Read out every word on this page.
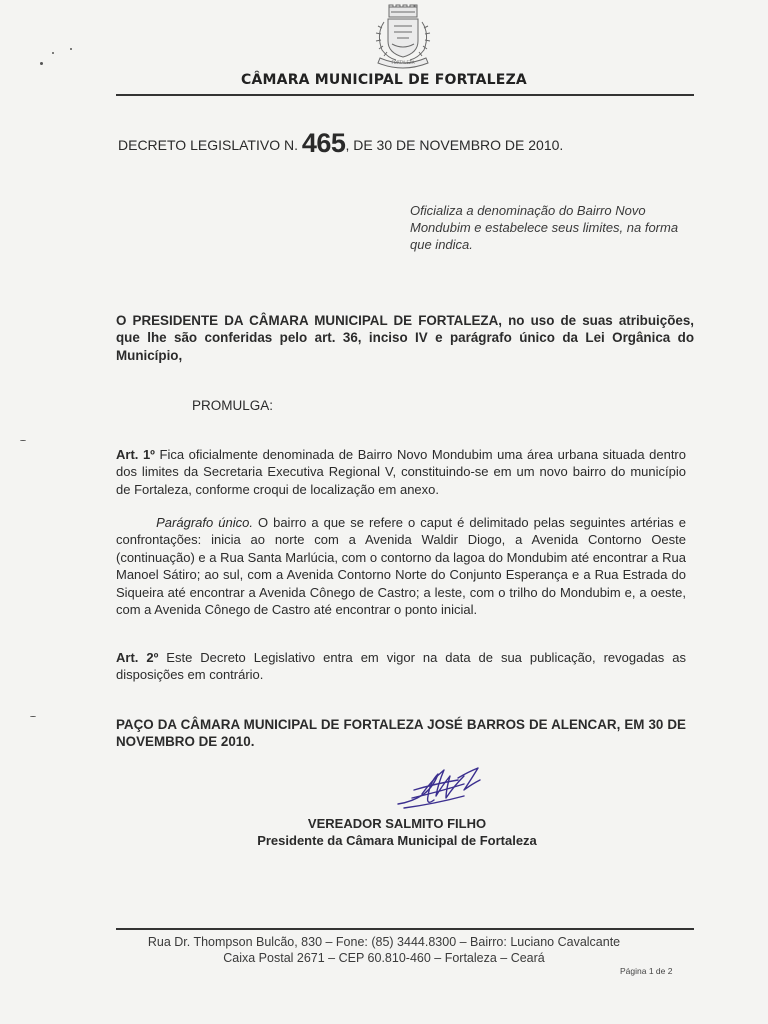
FORTALEZA
CÂMARA MUNICIPAL DE FORTALEZA
DECRETO LEGISLATIVO N. 465, DE 30 DE NOVEMBRO DE 2010.
Oficializa a denominação do Bairro Novo Mondubim e estabelece seus limites, na forma que indica.
O PRESIDENTE DA CÂMARA MUNICIPAL DE FORTALEZA, no uso de suas atribuições, que lhe são conferidas pelo art. 36, inciso IV e parágrafo único da Lei Orgânica do Município,
PROMULGA:
Art. 1º Fica oficialmente denominada de Bairro Novo Mondubim uma área urbana situada dentro dos limites da Secretaria Executiva Regional V, constituindo-se em um novo bairro do município de Fortaleza, conforme croqui de localização em anexo.
Parágrafo único. O bairro a que se refere o caput é delimitado pelas seguintes artérias e confrontações: inicia ao norte com a Avenida Waldir Diogo, a Avenida Contorno Oeste (continuação) e a Rua Santa Marlúcia, com o contorno da lagoa do Mondubim até encontrar a Rua Manoel Sátiro; ao sul, com a Avenida Contorno Norte do Conjunto Esperança e a Rua Estrada do Siqueira até encontrar a Avenida Cônego de Castro; a leste, com o trilho do Mondubim e, a oeste, com a Avenida Cônego de Castro até encontrar o ponto inicial.
Art. 2º Este Decreto Legislativo entra em vigor na data de sua publicação, revogadas as disposições em contrário.
PAÇO DA CÂMARA MUNICIPAL DE FORTALEZA JOSÉ BARROS DE ALENCAR, EM 30 DE NOVEMBRO DE 2010.
VEREADOR SALMITO FILHO
Presidente da Câmara Municipal de Fortaleza
Rua Dr. Thompson Bulcão, 830 – Fone: (85) 3444.8300 – Bairro: Luciano Cavalcante
Caixa Postal 2671 – CEP 60.810-460 – Fortaleza – Ceará
Página 1 de 2
